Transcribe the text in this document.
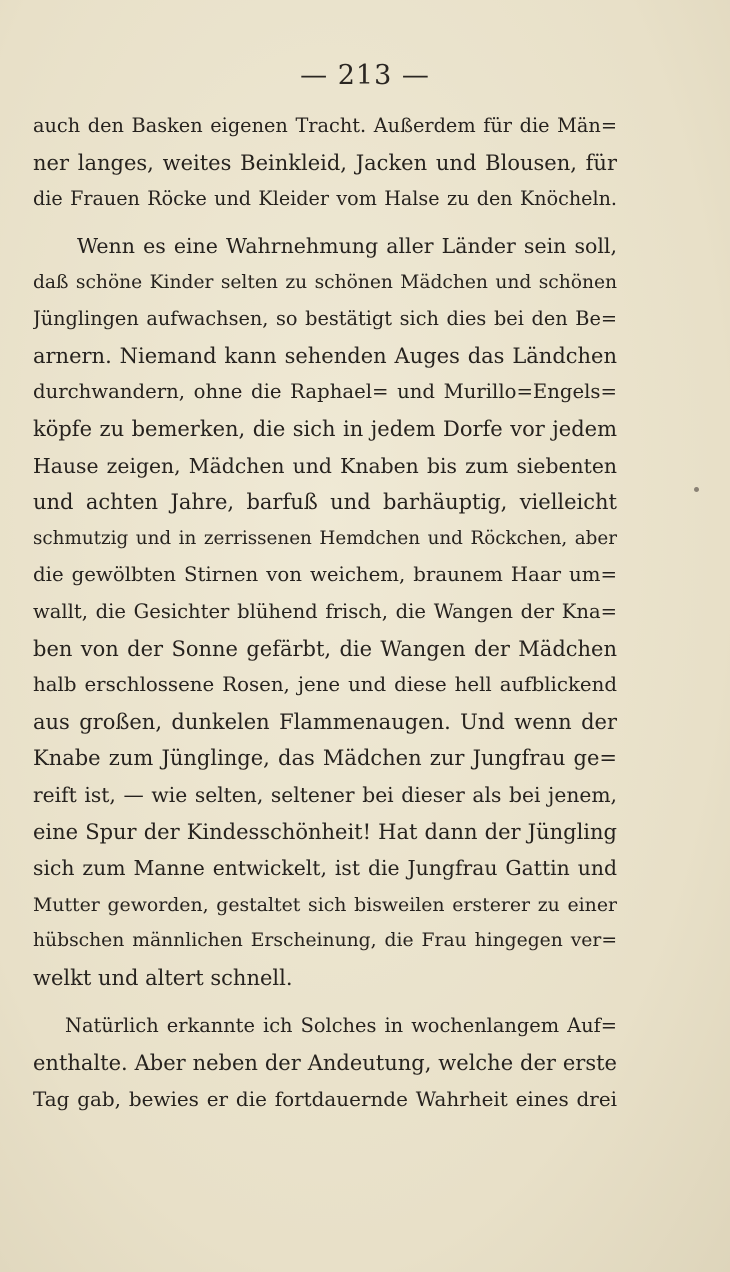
— 213 —
auch den Basken eigenen Tracht. Außerdem für die Män=
ner langes, weites Beinkleid, Jacken und Blousen, für
die Frauen Röcke und Kleider vom Halse zu den Knöcheln.
Wenn es eine Wahrnehmung aller Länder sein soll,
daß schöne Kinder selten zu schönen Mädchen und schönen
Jünglingen aufwachsen, so bestätigt sich dies bei den Be=
arnern. Niemand kann sehenden Auges das Ländchen
durchwandern, ohne die Raphael= und Murillo=Engels=
köpfe zu bemerken, die sich in jedem Dorfe vor jedem
Hause zeigen, Mädchen und Knaben bis zum siebenten
und achten Jahre, barfuß und barhäuptig, vielleicht
schmutzig und in zerrissenen Hemdchen und Röckchen, aber
die gewölbten Stirnen von weichem, braunem Haar um=
wallt, die Gesichter blühend frisch, die Wangen der Kna=
ben von der Sonne gefärbt, die Wangen der Mädchen
halb erschlossene Rosen, jene und diese hell aufblickend
aus großen, dunkelen Flammenaugen. Und wenn der
Knabe zum Jünglinge, das Mädchen zur Jungfrau ge=
reift ist, — wie selten, seltener bei dieser als bei jenem,
eine Spur der Kindesschönheit! Hat dann der Jüngling
sich zum Manne entwickelt, ist die Jungfrau Gattin und
Mutter geworden, gestaltet sich bisweilen ersterer zu einer
hübschen männlichen Erscheinung, die Frau hingegen ver=
welkt und altert schnell.
Natürlich erkannte ich Solches in wochenlangem Auf=
enthalte. Aber neben der Andeutung, welche der erste
Tag gab, bewies er die fortdauernde Wahrheit eines drei
